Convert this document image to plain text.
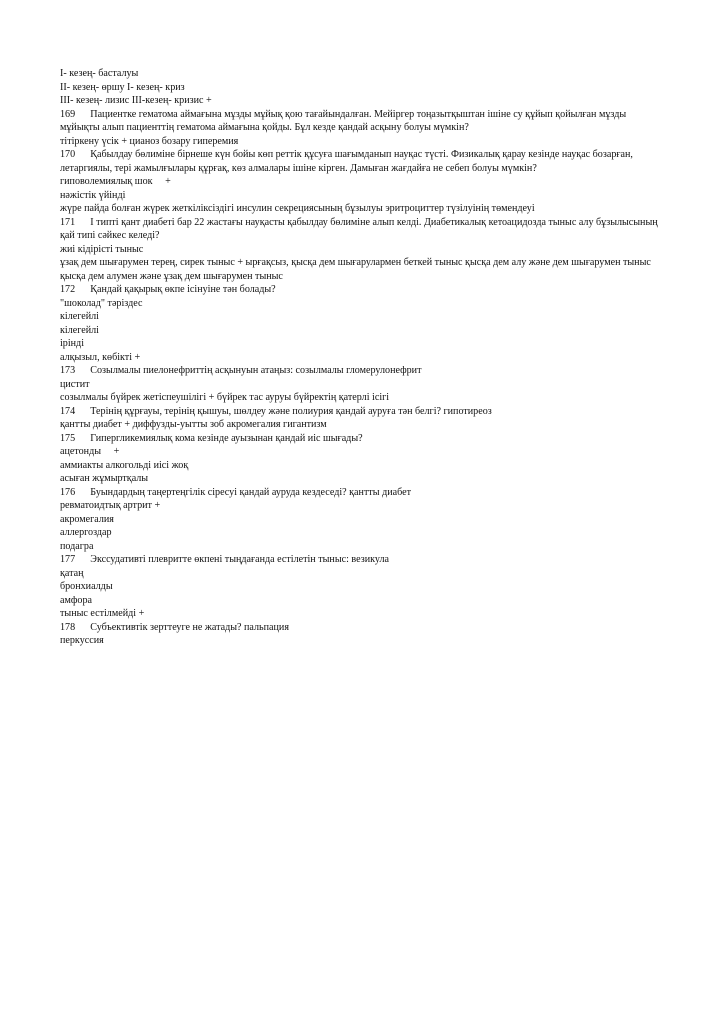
I- кезең- басталуы
II- кезең- өршу I- кезең- криз
III- кезең- лизис III-кезең- кризис +
169      Пациентке гематома аймағына мұзды мұйық қою тағайындалған. Мейіргер тоңазытқыштан ішіне су құйып қойылған мұзды мұйықты алып пациенттің гематома аймағына қойды. Бұл кезде қандай асқыну болуы мүмкін?
тітіркену үсік + цианоз бозару гиперемия
170      Қабылдау бөлиміне бірнеше күн бойы көп реттік құсуға шағымданып науқас түсті. Физикалық қарау кезінде науқас бозарған, летаргиялы, тері жамылғылары құрғақ, көз алмалары ішіне кірген. Дамыған жағдайға не себеп болуы мүмкін?
гиповолемиялық шок     +
нәжістік үйінді
жүре пайда болған жүрек жеткіліксіздігі инсулин секрециясының бұзылуы эритроциттер түзілуінің төмендеуі
171      I типті қант диабеті бар 22 жастағы науқасты қабылдау бөлиміне алып келді. Диабетикалық кетоацидозда тыныс алу бұзылысының қай типі сәйкес келеді?
жиі кідірісті тыныс
ұзақ дем шығарумен терең, сирек тыныс + ырғақсыз, қысқа дем шығарулармен беткей тыныс қысқа дем алу және дем шығарумен тыныс қысқа дем алумен және ұзақ дем шығарумен тыныс
172      Қандай қақырық өкпе ісінуіне тән болады?
"шоколад" тәріздес
кілегейлі
кілегейлі
ірінді
алқызыл, көбікті +
173      Созылмалы пиелонефриттің асқынуын атаңыз: созылмалы гломерулонефрит
цистит
созылмалы бүйрек жетіспеушілігі + бүйрек тас ауруы бүйректің қатерлі ісігі
174      Терінің құрғауы, терінің қышуы, шөлдеу және полиурия қандай ауруға тән белгі? гипотиреоз
қантты диабет + диффузды-уытты зоб акромегалия гигантизм
175      Гипергликемиялық кома кезінде ауызынан қандай иіс шығады?
ацетонды     +
аммиакты алкогольді иісі жоқ
асыған жұмыртқалы
176      Буындардың таңертеңгілік сіресуі қандай ауруда кездеседі? қантты диабет
ревматоидтық артрит +
акромегалия
аллергоздар
подагра
177      Экссудативті плевритте өкпені тыңдағанда естілетін тыныс: везикула
қатаң
бронхиалды
амфора
тыныс естілмейді +
178      Субъективтік зерттеуге не жатады? пальпация
перкуссия
